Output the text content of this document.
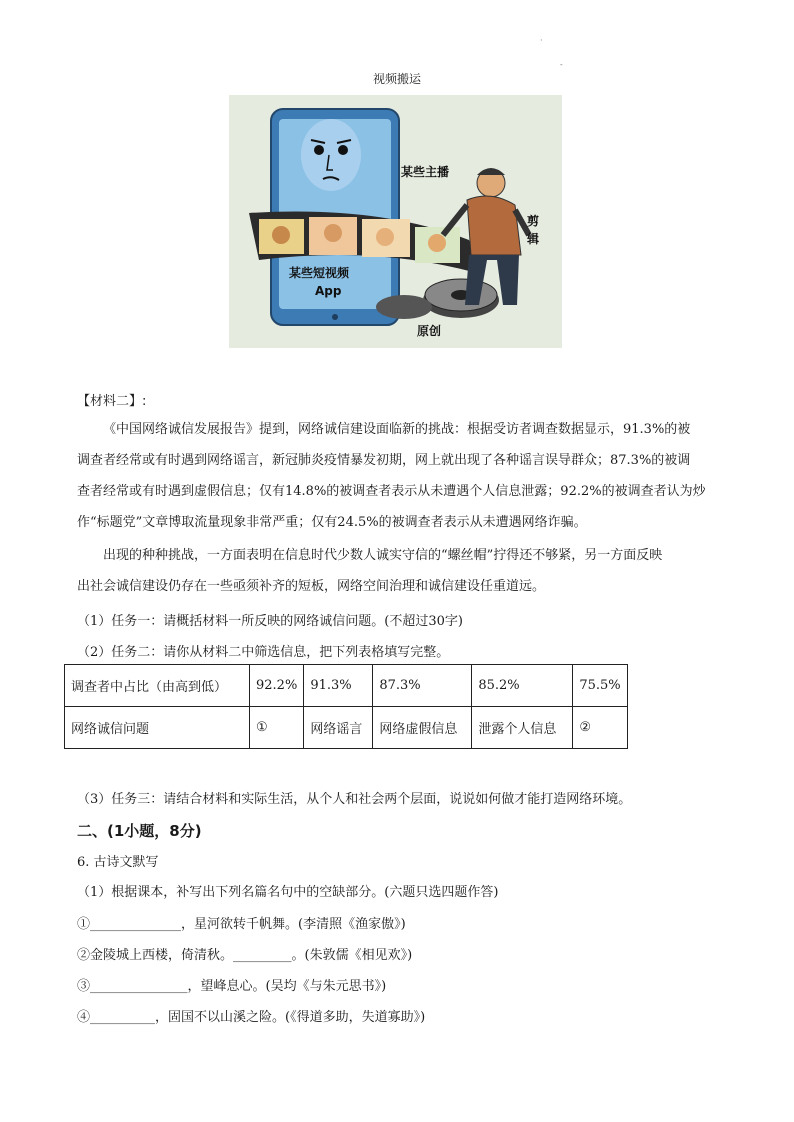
·
-
视频搬运
某些主播
剪
辑
某些短视频
App
原创
【材料二】:

《中国网络诚信发展报告》提到，网络诚信建设面临新的挑战：根据受访者调查数据显示，91.3%的被

调查者经常或有时遇到网络谣言，新冠肺炎疫情暴发初期，网上就出现了各种谣言误导群众；87.3%的被调

查者经常或有时遇到虚假信息；仅有14.8%的被调查者表示从未遭遇个人信息泄露；92.2%的被调查者认为炒

作“标题党”文章博取流量现象非常严重；仅有24.5%的被调查者表示从未遭遇网络诈骗。

出现的种种挑战，一方面表明在信息时代少数人诚实守信的“螺丝帽”拧得还不够紧，另一方面反映

出社会诚信建设仍存在一些亟须补齐的短板，网络空间治理和诚信建设任重道远。

（1）任务一：请概括材料一所反映的网络诚信问题。(不超过30字)
（2）任务二：请你从材料二中筛选信息，把下列表格填写完整。
调查者中占比（由高到低）	92.2%	91.3%	87.3%	85.2%	75.5%
网络诚信问题	①	网络谣言	网络虚假信息	泄露个人信息	②
（3）任务三：请结合材料和实际生活，从个人和社会两个层面，说说如何做才能打造网络环境。
二、(1小题，8分)
6. 古诗文默写
（1）根据课本，补写出下列名篇名句中的空缺部分。(六题只选四题作答)
①______________，星河欲转千帆舞。(李清照《渔家傲》)
②金陵城上西楼，倚清秋。_________。(朱敦儒《相见欢》)
③_______________，望峰息心。(吴均《与朱元思书》)
④__________，固国不以山溪之险。(《得道多助，失道寡助》)
